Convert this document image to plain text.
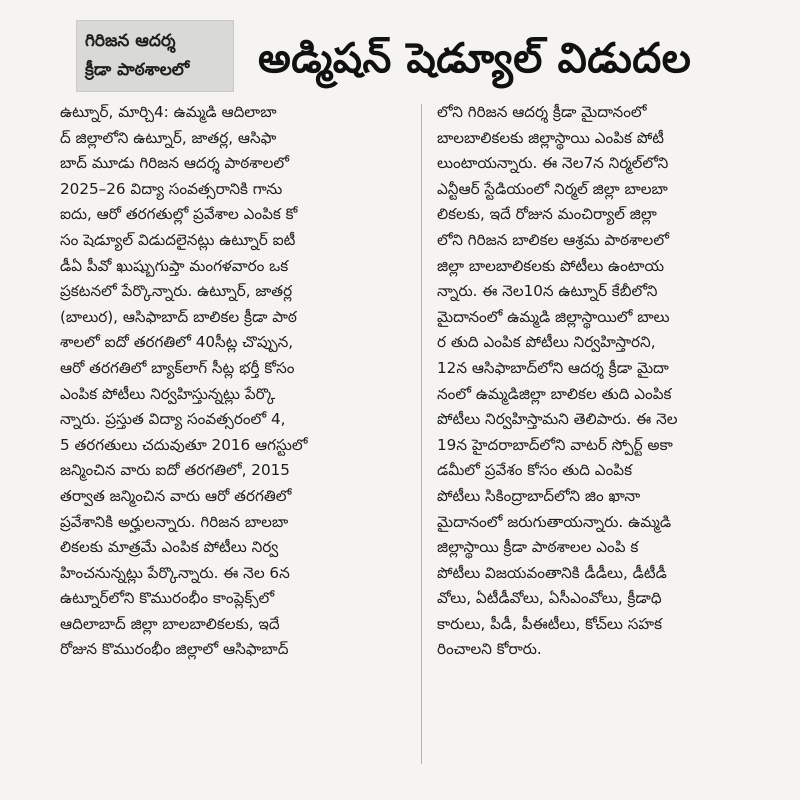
గిరిజన ఆదర్శ
క్రీడా పాఠశాలలో	అడ్మిషన్ షెడ్యూల్ విడుదల
ఉట్నూర్, మార్చి4: ఉమ్మడి ఆదిలాబా
ద్ జిల్లాలోని ఉట్నూర్, జాతర్ల, ఆసిఫా
బాద్ మూడు గిరిజన ఆదర్శ పాఠశాలలో
2025–26 విద్యా సంవత్సరానికి గాను
ఐదు, ఆరో తరగతుల్లో ప్రవేశాల ఎంపిక కో
సం షెడ్యూల్ విడుదలైనట్లు ఉట్నూర్ ఐటీ
డీఏ పీవో ఖుష్బుగుప్తా మంగళవారం ఒక
ప్రకటనలో పేర్కొన్నారు. ఉట్నూర్, జాతర్ల
(బాలుర), ఆసిఫాబాద్ బాలికల క్రీడా పాఠ
శాలలో ఐదో తరగతిలో 40సీట్ల చొప్పున,
ఆరో తరగతిలో బ్యాక్‌లాగ్ సీట్ల భర్తీ కోసం
ఎంపిక పోటీలు నిర్వహిస్తున్నట్లు పేర్కొ
న్నారు. ప్రస్తుత విద్యా సంవత్సరంలో 4,
5 తరగతులు చదువుతూ 2016 ఆగస్టులో
జన్మించిన వారు ఐదో తరగతిలో, 2015
తర్వాత జన్మించిన వారు ఆరో తరగతిలో
ప్రవేశానికి అర్హులన్నారు. గిరిజన బాలబా
లికలకు మాత్రమే ఎంపిక పోటీలు నిర్వ
హించనున్నట్లు పేర్కొన్నారు. ఈ నెల 6న
ఉట్నూర్‌లోని కొమురంభీం కాంప్లెక్స్‌లో
ఆదిలాబాద్ జిల్లా బాలబాలికలకు, ఇదే
రోజున కొమురంభీం జిల్లాలో ఆసిఫాబాద్
లోని గిరిజన ఆదర్శ క్రీడా మైదానంలో
బాలబాలికలకు జిల్లాస్థాయి ఎంపిక పోటీ
లుంటాయన్నారు. ఈ నెల7న నిర్మల్‌లోని
ఎన్టీఆర్ స్టేడియంలో నిర్మల్ జిల్లా బాలబా
లికలకు, ఇదే రోజున మంచిర్యాల్ జిల్లా
లోని గిరిజన బాలికల ఆశ్రమ పాఠశాలలో
జిల్లా బాలబాలికలకు పోటీలు ఉంటాయ
న్నారు. ఈ నెల10న ఉట్నూర్ కేబీలోని
మైదానంలో ఉమ్మడి జిల్లాస్థాయిలో బాలు
ర తుది ఎంపిక పోటీలు నిర్వహిస్తారని,
12న ఆసిఫాబాద్‌లోని ఆదర్శ క్రీడా మైదా
నంలో ఉమ్మడిజిల్లా బాలికల తుది ఎంపిక
పోటీలు నిర్వహిస్తామని తెలిపారు. ఈ నెల
19న హైదరాబాద్‌లోని వాటర్ స్పోర్ట్ అకా
డమీలో ప్రవేశం కోసం తుది ఎంపిక
పోటీలు సికింద్రాబాద్‌లోని జిం ఖానా
మైదానంలో జరుగుతాయన్నారు. ఉమ్మడి
జిల్లాస్థాయి క్రీడా పాఠశాలల ఎంపి క
పోటీలు విజయవంతానికి డీడీలు, డీటీడీ
వోలు, ఏటీడీవోలు, ఏసీఎంవోలు, క్రీడాధి
కారులు, పీడీ, పీఈటీలు, కోచ్‌లు సహక
రించాలని కోరారు.
